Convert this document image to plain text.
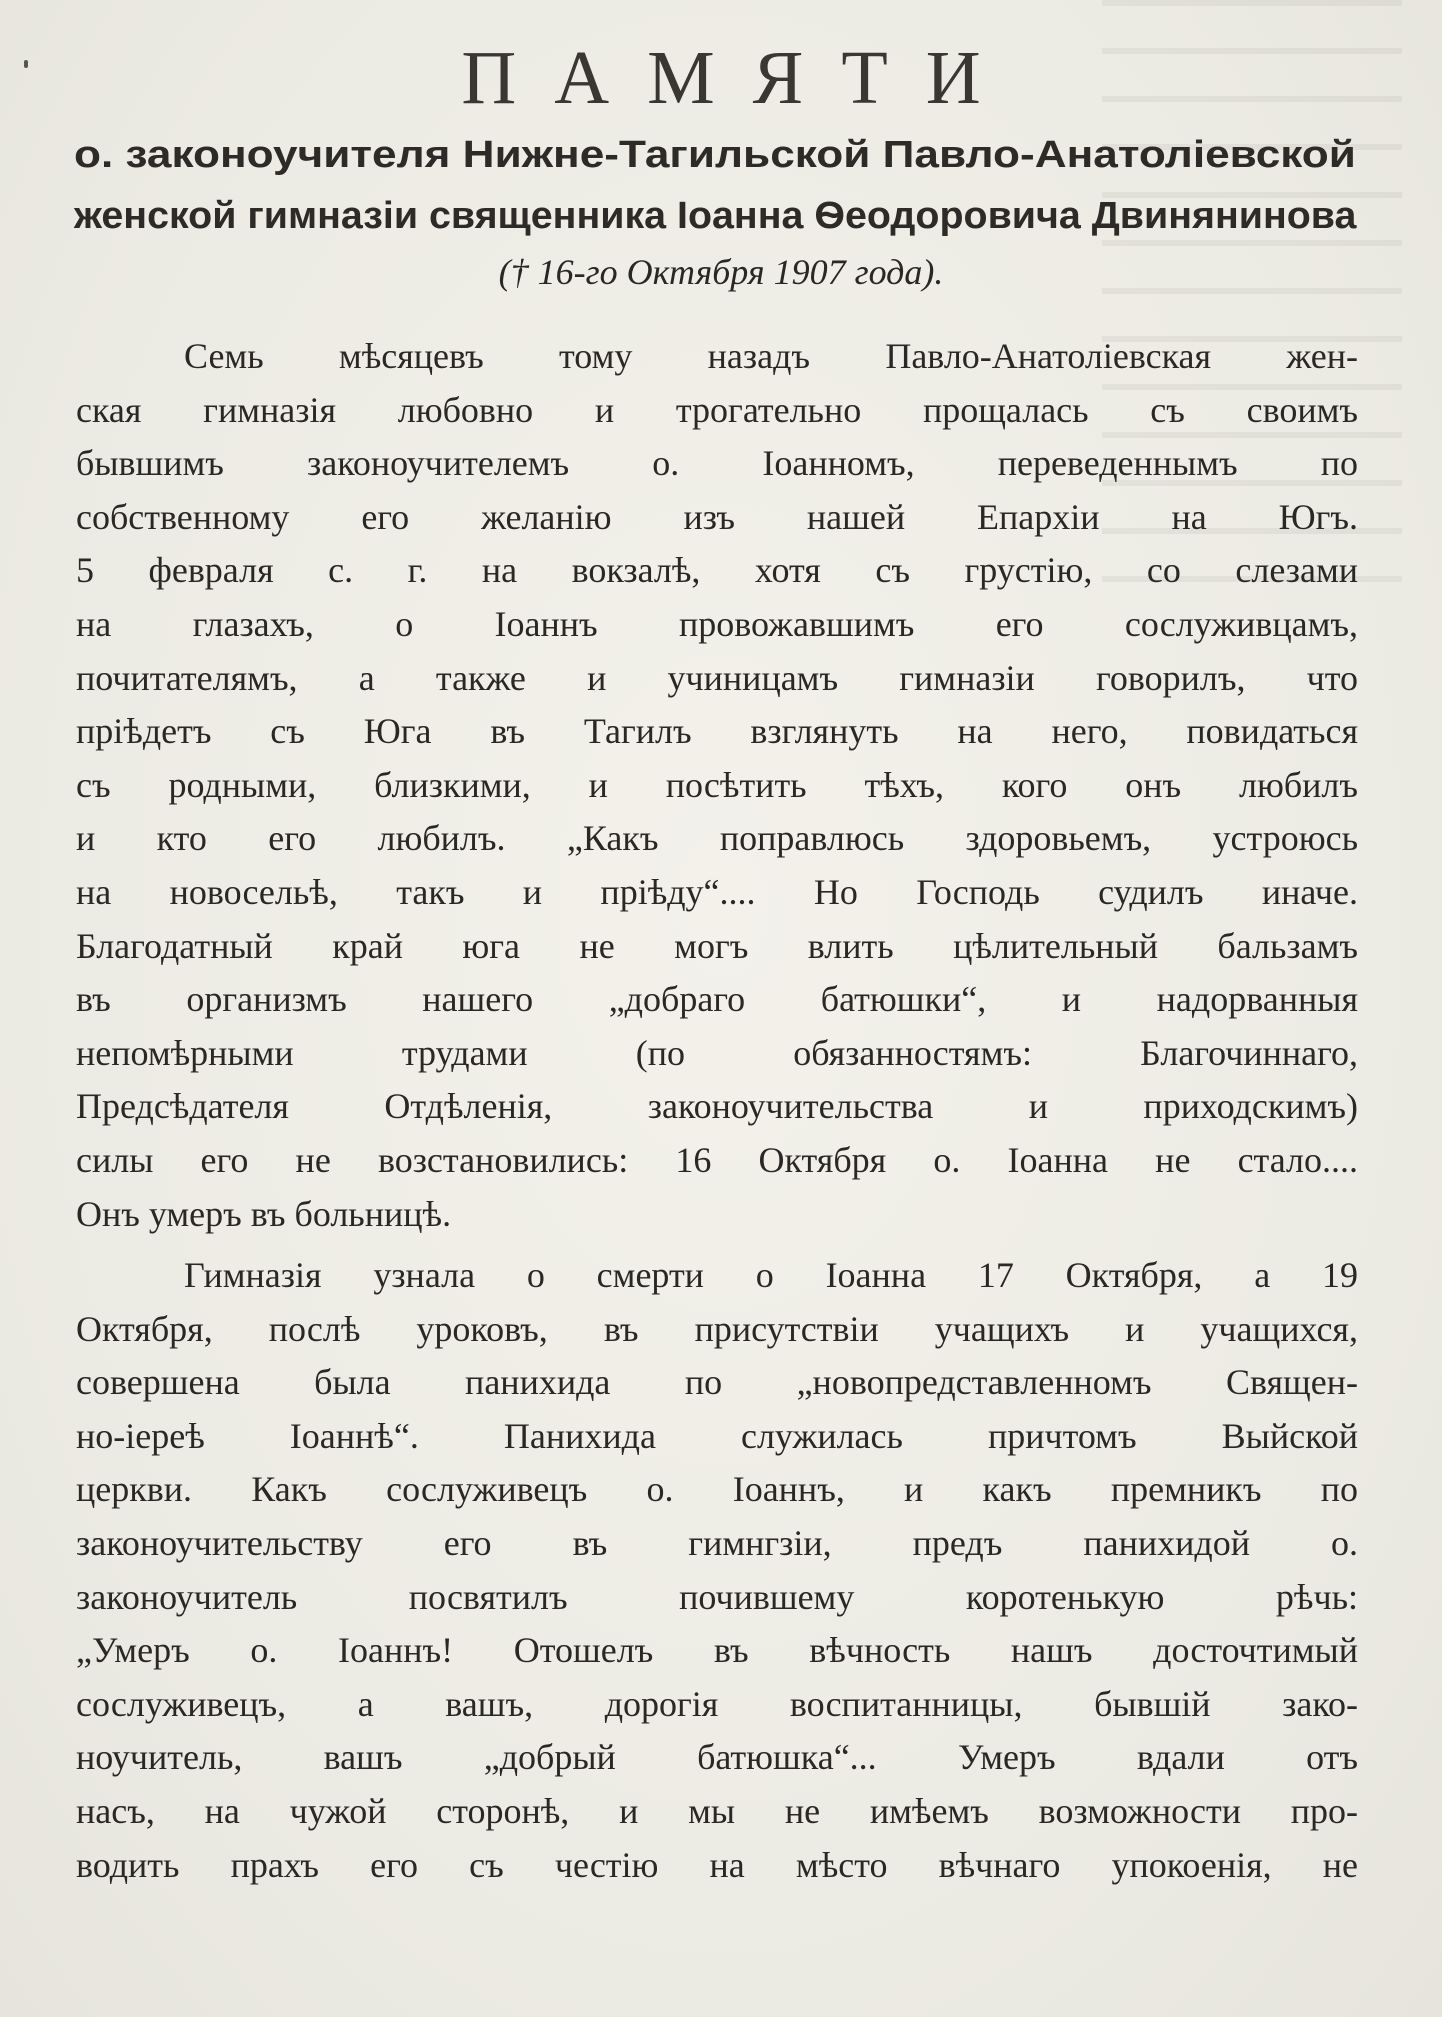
ПАМЯТИ
о. законоучителя Нижне-Тагильской Павло-Анатоліевской
женской гимназіи священника Іоанна Ѳеодоровича Двинянинова
(† 16-го Октября 1907 года).
Семь мѣсяцевъ тому назадъ Павло-Анатоліевская жен-
ская гимназія любовно и трогательно прощалась съ своимъ
бывшимъ законоучителемъ о. Іоанномъ, переведеннымъ по
собственному его желанію изъ нашей Епархіи на Югъ.
5 февраля с. г. на вокзалѣ, хотя съ грустію, со слезами
на глазахъ, о Іоаннъ провожавшимъ его сослуживцамъ,
почитателямъ, а также и учиницамъ гимназіи говорилъ, что
пріѣдетъ съ Юга въ Тагилъ взглянуть на него, повидаться
съ родными, близкими, и посѣтить тѣхъ, кого онъ любилъ
и кто его любилъ. „Какъ поправлюсь здоровьемъ, устроюсь
на новосельѣ, такъ и пріѣду“.... Но Господь судилъ иначе.
Благодатный край юга не могъ влить цѣлительный бальзамъ
въ организмъ нашего „добраго батюшки“, и надорванныя
непомѣрными трудами (по обязанностямъ: Благочиннаго,
Предсѣдателя Отдѣленія, законоучительства и приходскимъ)
силы его не возстановились: 16 Октября о. Іоанна не стало....
Онъ умеръ въ больницѣ.
Гимназія узнала о смерти о Іоанна 17 Октября, а 19
Октября, послѣ уроковъ, въ присутствіи учащихъ и учащихся,
совершена была панихида по „новопредставленномъ Священ-
но-іереѣ Іоаннѣ“. Панихида служилась причтомъ Выйской
церкви. Какъ сослуживецъ о. Іоаннъ, и какъ премникъ по
законоучительству его въ гимнгзіи, предъ панихидой о.
законоучитель посвятилъ почившему коротенькую рѣчь:
„Умеръ о. Іоаннъ! Отошелъ въ вѣчность нашъ досточтимый
сослуживецъ, а вашъ, дорогія воспитанницы, бывшій зако-
ноучитель, вашъ „добрый батюшка“... Умеръ вдали отъ
насъ, на чужой сторонѣ, и мы не имѣемъ возможности про-
водить прахъ его съ честію на мѣсто вѣчнаго упокоенія, не
